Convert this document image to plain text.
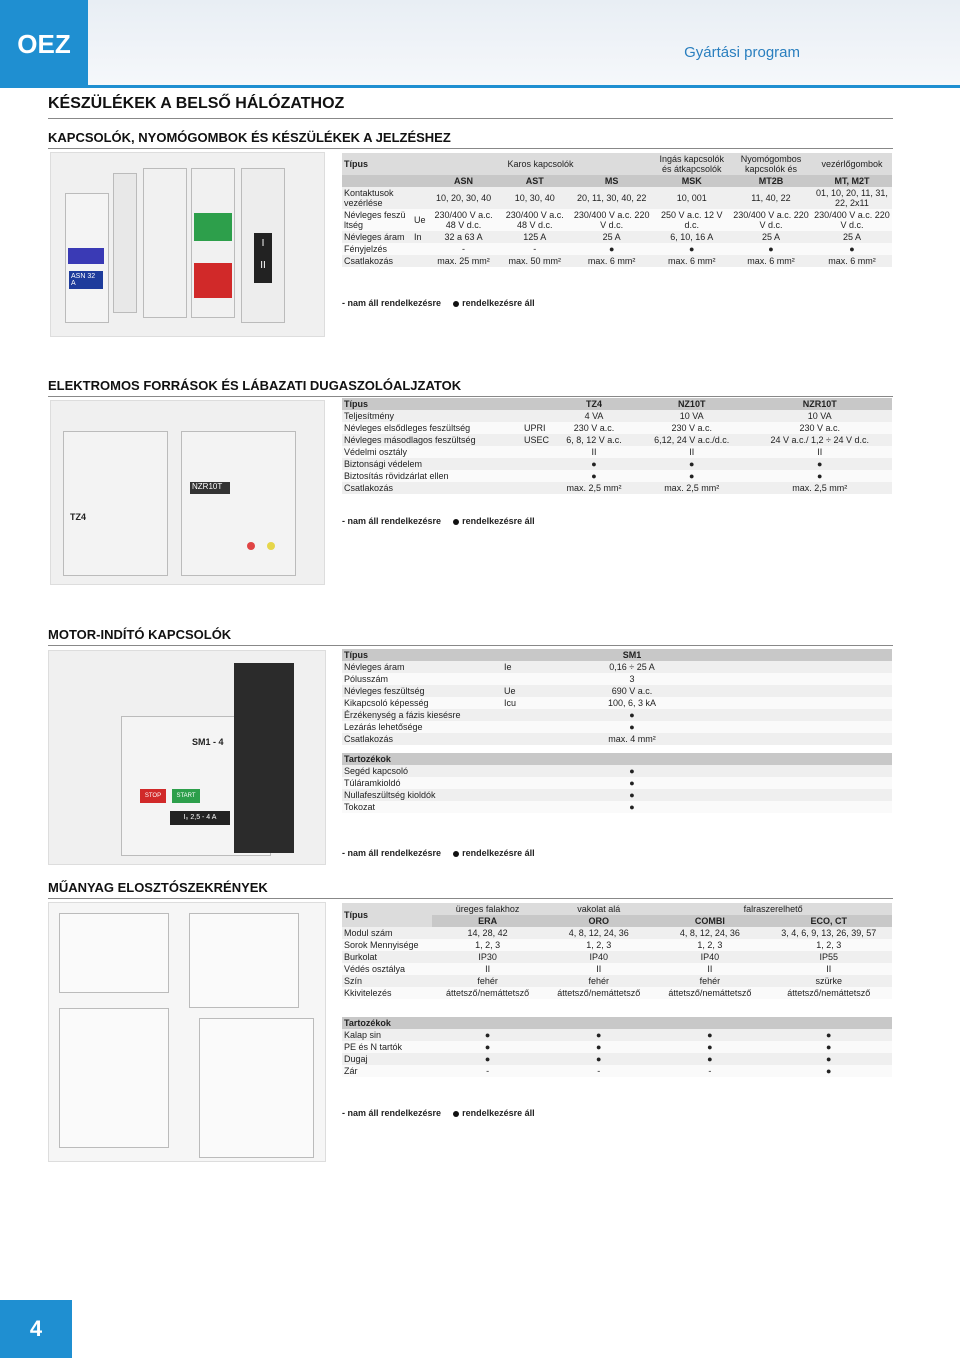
OEZ	Gyártási program
KÉSZÜLÉKEK A BELSŐ HÁLÓZATHOZ
KAPCSOLÓK, NYOMÓGOMBOK ÉS KÉSZÜLÉKEK A JELZÉSHEZ
ASN 32 A
I
II
Típus		Karos kapcsolók			Ingás kapcsolók és átkapcsolók	Nyomógombos kapcsolók és	vezérlőgombok
		ASN	AST	MS	MSK	MT2B	MT, M2T
Kontaktusok vezérlése		10, 20, 30, 40	10, 30, 40	20, 11, 30, 40, 22	10, 001	11, 40, 22	01, 10, 20, 11, 31, 22, 2x11
Névleges feszü ltség	Ue	230/400 V a.c. 48 V d.c.	230/400 V a.c. 48 V d.c.	230/400 V a.c. 220 V d.c.	250 V a.c. 12 V d.c.	230/400 V a.c. 220 V d.c.	230/400 V a.c. 220 V d.c.
Névleges áram	In	32 a 63 A	125 A	25 A	6, 10, 16 A	25 A	25 A
Fényjelzés		-	-	●	●	●	●
Csatlakozás		max. 25 mm²	max. 50 mm²	max. 6 mm²	max. 6 mm²	max. 6 mm²	max. 6 mm²
- nam áll rendelkezésre rendelkezésre áll
ELEKTROMOS FORRÁSOK ÉS LÁBAZATI DUGASZOLÓALJZATOK
TZ4
NZR10T
Típus		TZ4	NZ10T	NZR10T
Teljesítmény		4 VA	10 VA	10 VA
Névleges elsődleges feszültség	UPRI	230 V a.c.	230 V a.c.	230 V a.c.
Névleges másodlagos feszültség	USEC	6, 8, 12 V a.c.	6,12, 24 V a.c./d.c.	24 V a.c./ 1,2 ÷ 24 V d.c.
Védelmi osztály		II	II	II
Biztonsági védelem		●	●	●
Biztosítás rövidzárlat ellen		●	●	●
Csatlakozás		max. 2,5 mm²	max. 2,5 mm²	max. 2,5 mm²
- nam áll rendelkezésre rendelkezésre áll
MOTOR-INDÍTÓ KAPCSOLÓK
SM1 - 4
STOP	START
I₀ 2,5 - 4 A
Típus		SM1	
Névleges áram	Ie	0,16 ÷ 25 A	
Pólusszám		3	
Névleges feszültség	Ue	690 V a.c.	
Kikapcsoló képesség	Icu	100, 6, 3 kA	
Érzékenység a fázis kiesésre		●	
Lezárás lehetősége		●	
Csatlakozás		max. 4 mm²	

Tartozékok			
Segéd kapcsoló		●	
Túláramkioldó		●	
Nullafeszültség kioldók		●	
Tokozat		●	
- nam áll rendelkezésre rendelkezésre áll
MŰANYAG ELOSZTÓSZEKRÉNYEK
Típus	üreges falakhoz	vakolat alá	falraszerelhető	
	ERA	ORO	COMBI	ECO, CT
Modul szám	14, 28, 42	4, 8, 12, 24, 36	4, 8, 12, 24, 36	3, 4, 6, 9, 13, 26, 39, 57
Sorok Mennyisége	1, 2, 3	1, 2, 3	1, 2, 3	1, 2, 3
Burkolat	IP30	IP40	IP40	IP55
Védés osztálya	II	II	II	II
Szín	fehér	fehér	fehér	szürke
Kkivitelezés	áttetsző/nemáttetsző	áttetsző/nemáttetsző	áttetsző/nemáttetsző	áttetsző/nemáttetsző

Tartozékok				
Kalap sin	●	●	●	●
PE és N tartók	●	●	●	●
Dugaj	●	●	●	●
Zár	-	-	-	●
- nam áll rendelkezésre rendelkezésre áll
4
